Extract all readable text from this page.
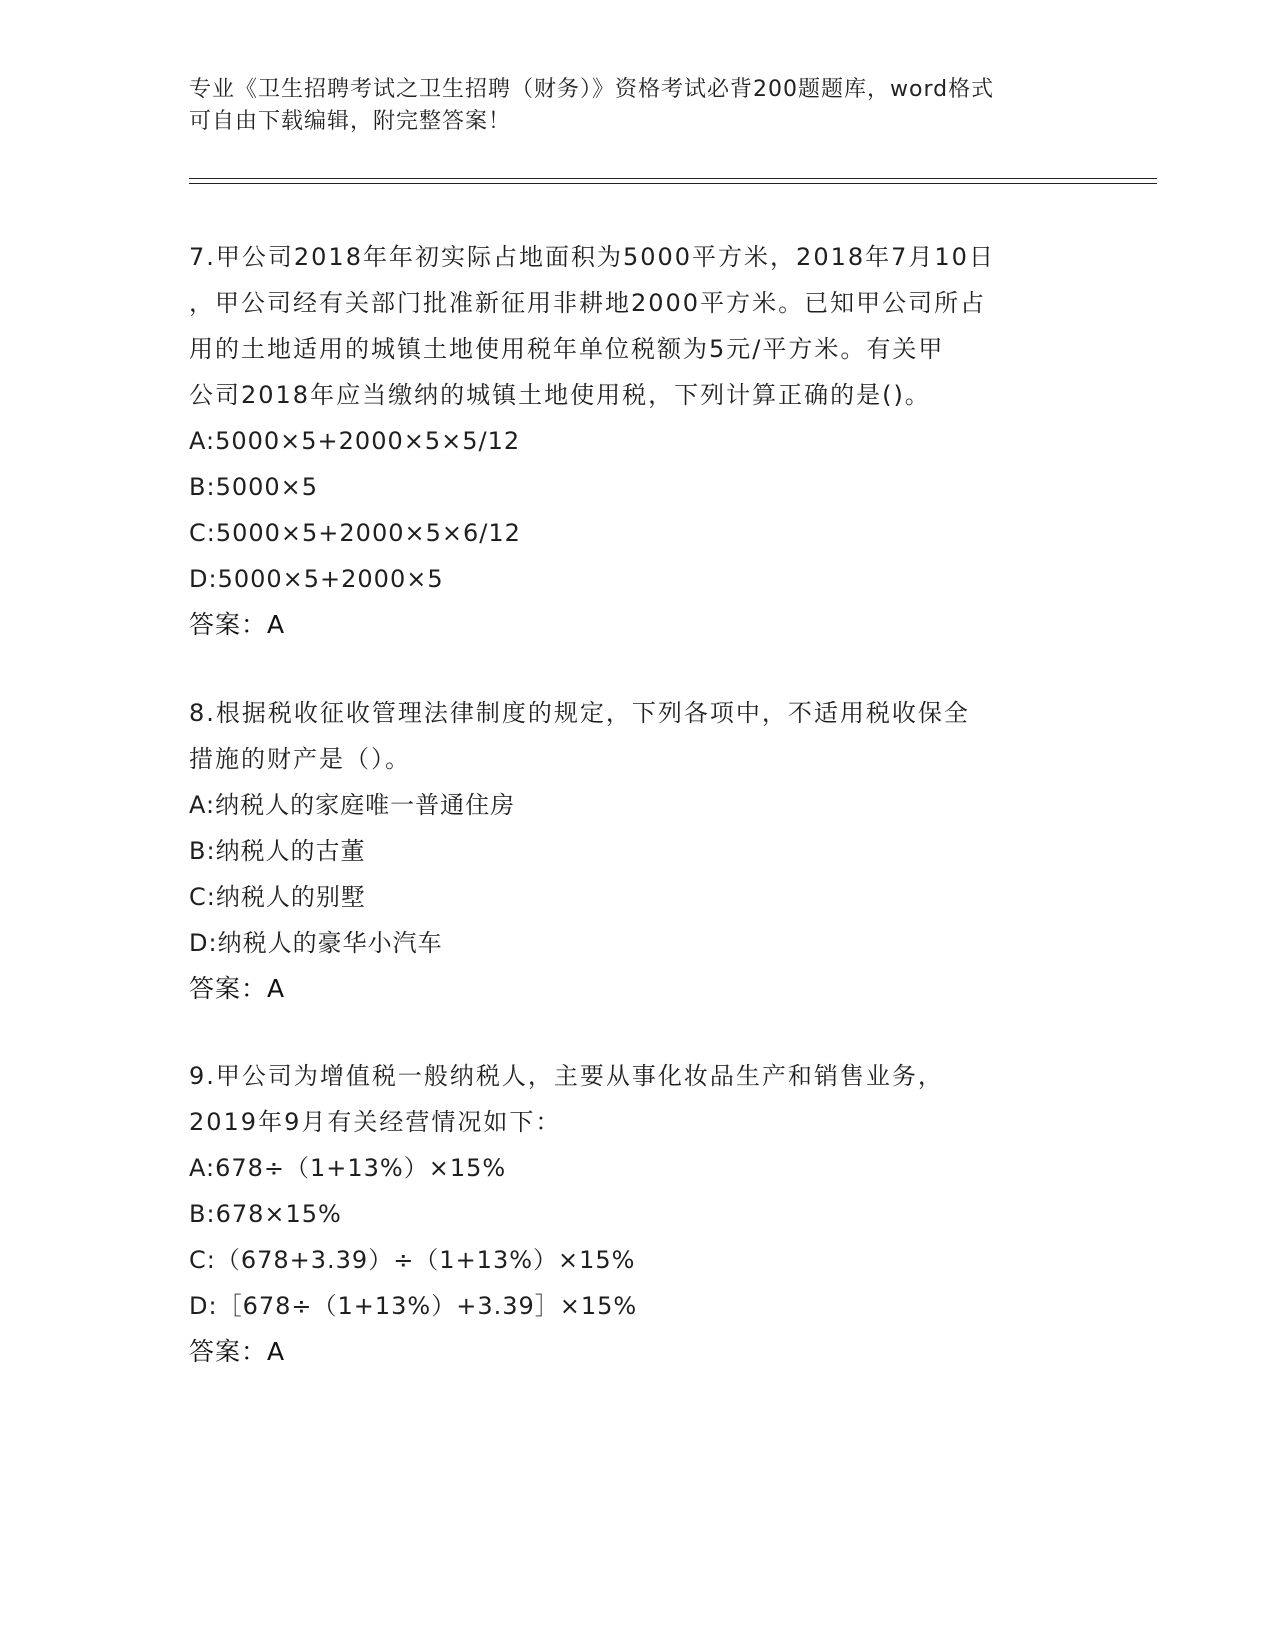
专业《卫生招聘考试之卫生招聘（财务）》资格考试必背200题题库，word格式
可自由下载编辑，附完整答案！
7.甲公司2018年年初实际占地面积为5000平方米，2018年7月10日
，甲公司经有关部门批准新征用非耕地2000平方米。已知甲公司所占
用的土地适用的城镇土地使用税年单位税额为5元/平方米。有关甲
公司2018年应当缴纳的城镇土地使用税，下列计算正确的是()。
A:5000×5+2000×5×5/12
B:5000×5
C:5000×5+2000×5×6/12
D:5000×5+2000×5
答案：A
8.根据税收征收管理法律制度的规定，下列各项中，不适用税收保全
措施的财产是（）。
A:纳税人的家庭唯一普通住房
B:纳税人的古董
C:纳税人的别墅
D:纳税人的豪华小汽车
答案：A
9.甲公司为增值税一般纳税人，主要从事化妆品生产和销售业务，
2019年9月有关经营情况如下：
A:678÷（1+13%）×15%
B:678×15%
C:（678+3.39）÷（1+13%）×15%
D:［678÷（1+13%）+3.39］×15%
答案：A
